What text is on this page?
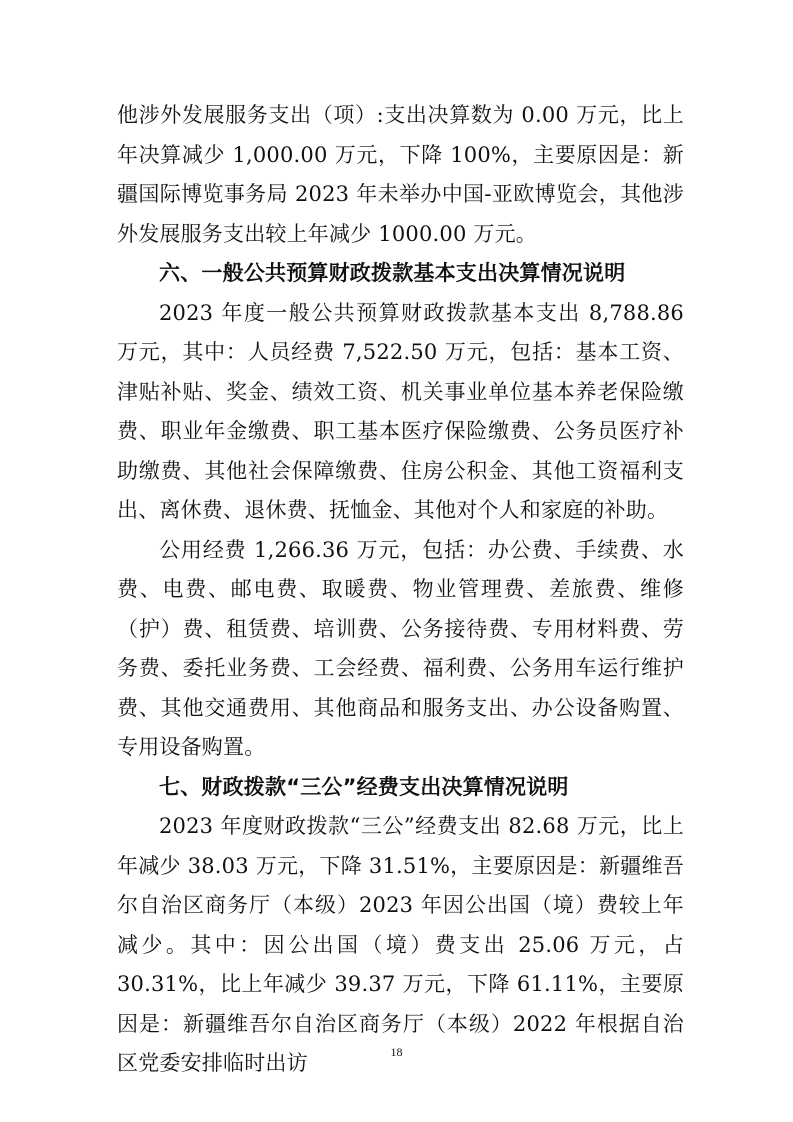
他涉外发展服务支出（项）:支出决算数为 0.00 万元，比上年决算减少 1,000.00 万元，下降 100%，主要原因是：新疆国际博览事务局 2023 年未举办中国-亚欧博览会，其他涉外发展服务支出较上年减少 1000.00 万元。

六、一般公共预算财政拨款基本支出决算情况说明

2023 年度一般公共预算财政拨款基本支出 8,788.86 万元，其中：人员经费 7,522.50 万元，包括：基本工资、津贴补贴、奖金、绩效工资、机关事业单位基本养老保险缴费、职业年金缴费、职工基本医疗保险缴费、公务员医疗补助缴费、其他社会保障缴费、住房公积金、其他工资福利支出、离休费、退休费、抚恤金、其他对个人和家庭的补助。

公用经费 1,266.36 万元，包括：办公费、手续费、水费、电费、邮电费、取暖费、物业管理费、差旅费、维修（护）费、租赁费、培训费、公务接待费、专用材料费、劳务费、委托业务费、工会经费、福利费、公务用车运行维护费、其他交通费用、其他商品和服务支出、办公设备购置、专用设备购置。

七、财政拨款“三公”经费支出决算情况说明

2023 年度财政拨款“三公”经费支出 82.68 万元，比上年减少 38.03 万元，下降 31.51%，主要原因是：新疆维吾尔自治区商务厅（本级）2023 年因公出国（境）费较上年减少。其中：因公出国（境）费支出 25.06 万元，占 30.31%，比上年减少 39.37 万元，下降 61.11%，主要原因是：新疆维吾尔自治区商务厅（本级）2022 年根据自治区党委安排临时出访	18
